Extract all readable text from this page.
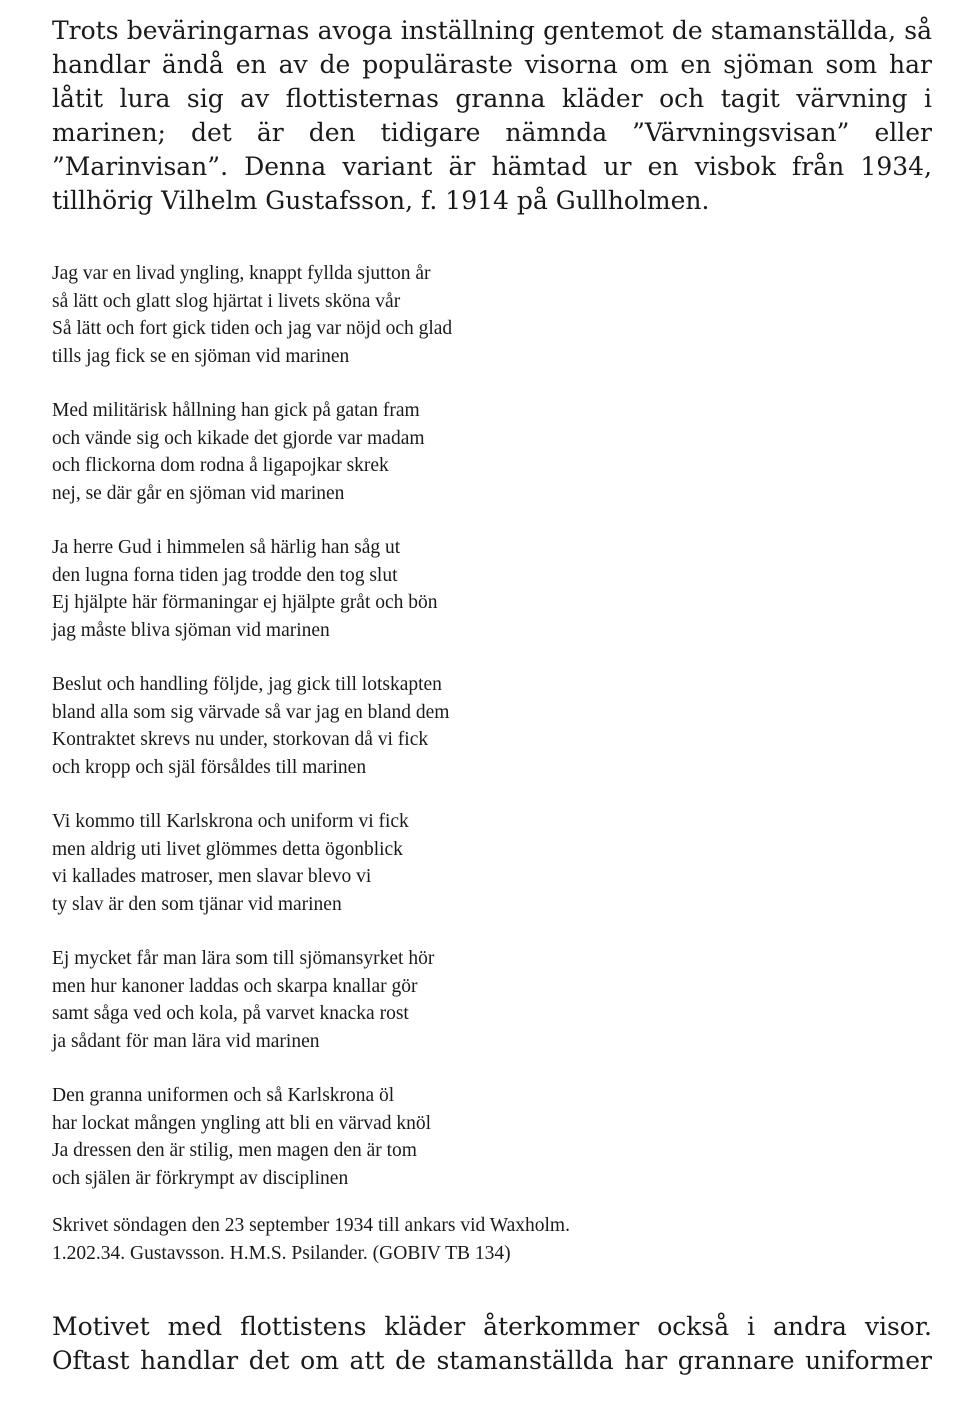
Trots beväringarnas avoga inställning gentemot de stamanställda, så
handlar ändå en av de populäraste visorna om en sjöman som har
låtit lura sig av flottisternas granna kläder och tagit värvning i
marinen; det är den tidigare nämnda ”Värvningsvisan” eller
”Marinvisan”. Denna variant är hämtad ur en visbok från 1934,
tillhörig Vilhelm Gustafsson, f. 1914 på Gullholmen.
Jag var en livad yngling, knappt fyllda sjutton år
så lätt och glatt slog hjärtat i livets sköna vår
Så lätt och fort gick tiden och jag var nöjd och glad
tills jag fick se en sjöman vid marinen
Med militärisk hållning han gick på gatan fram
och vände sig och kikade det gjorde var madam
och flickorna dom rodna å ligapojkar skrek
nej, se där går en sjöman vid marinen
Ja herre Gud i himmelen så härlig han såg ut
den lugna forna tiden jag trodde den tog slut
Ej hjälpte här förmaningar ej hjälpte gråt och bön
jag måste bliva sjöman vid marinen
Beslut och handling följde, jag gick till lotskapten
bland alla som sig värvade så var jag en bland dem
Kontraktet skrevs nu under, storkovan då vi fick
och kropp och själ försåldes till marinen
Vi kommo till Karlskrona och uniform vi fick
men aldrig uti livet glömmes detta ögonblick
vi kallades matroser, men slavar blevo vi
ty slav är den som tjänar vid marinen
Ej mycket får man lära som till sjömansyrket hör
men hur kanoner laddas och skarpa knallar gör
samt såga ved och kola, på varvet knacka rost
ja sådant för man lära vid marinen
Den granna uniformen och så Karlskrona öl
har lockat mången yngling att bli en värvad knöl
Ja dressen den är stilig, men magen den är tom
och själen är förkrympt av disciplinen
Skrivet söndagen den 23 september 1934 till ankars vid Waxholm.
1.202.34. Gustavsson. H.M.S. Psilander. (GOBIV TB 134)
Motivet med flottistens kläder återkommer också i andra visor.
Oftast handlar det om att de stamanställda har grannare uniformer
